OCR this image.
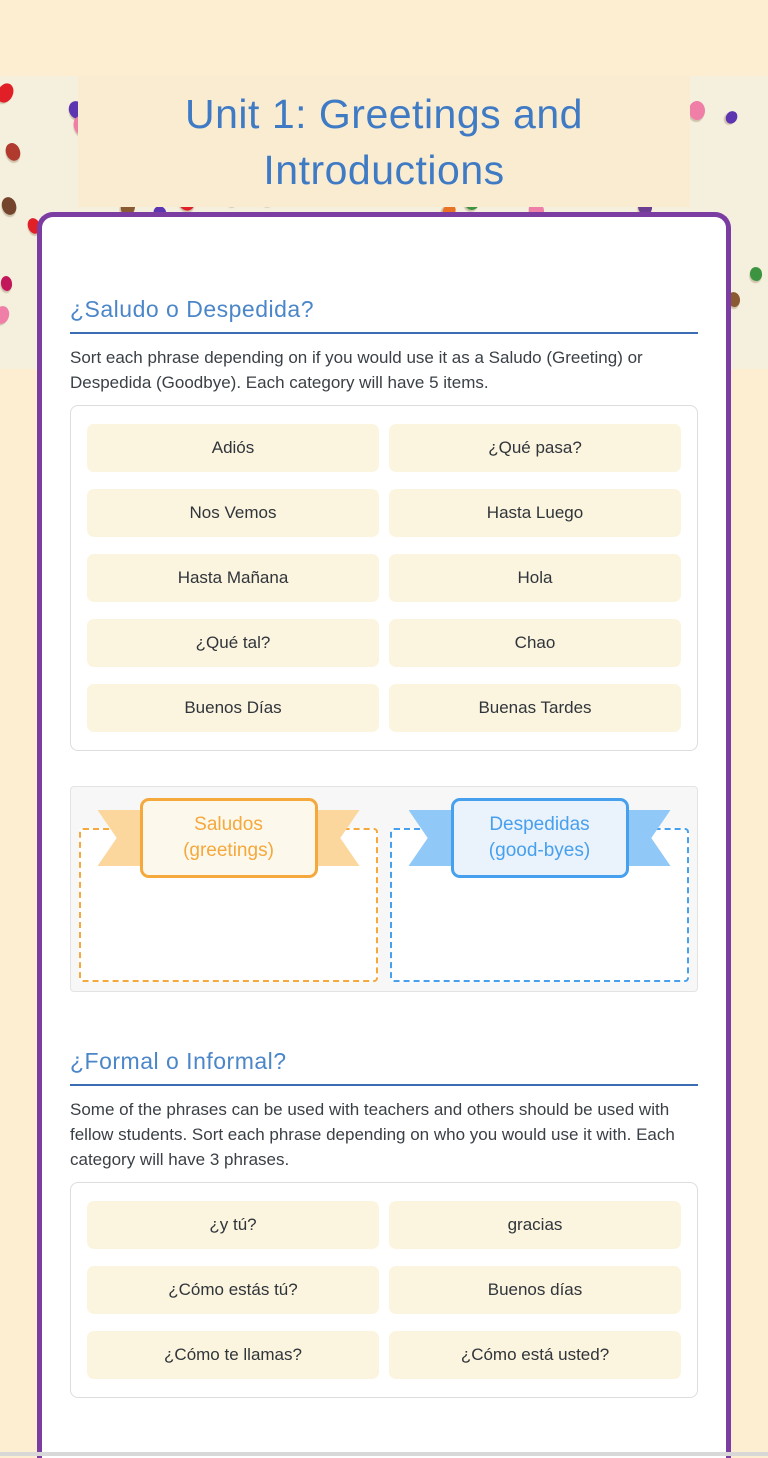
Unit 1: Greetings and
Introductions
¿Saludo o Despedida?

Sort each phrase depending on if you would use it as a Saludo (Greeting) or Despedida (Goodbye). Each category will have 5 items.

Adiós	¿Qué pasa?
Nos Vemos	Hasta Luego
Hasta Mañana	Hola
¿Qué tal?	Chao
Buenos Días	Buenas Tardes
Saludos
(greetings)
Despedidas
(good-byes)
¿Formal o Informal?

Some of the phrases can be used with teachers and others should be used with fellow students. Sort each phrase depending on who you would use it with. Each category will have 3 phrases.

¿y tú?	gracias
¿Cómo estás tú?	Buenos días
¿Cómo te llamas?	¿Cómo está usted?
